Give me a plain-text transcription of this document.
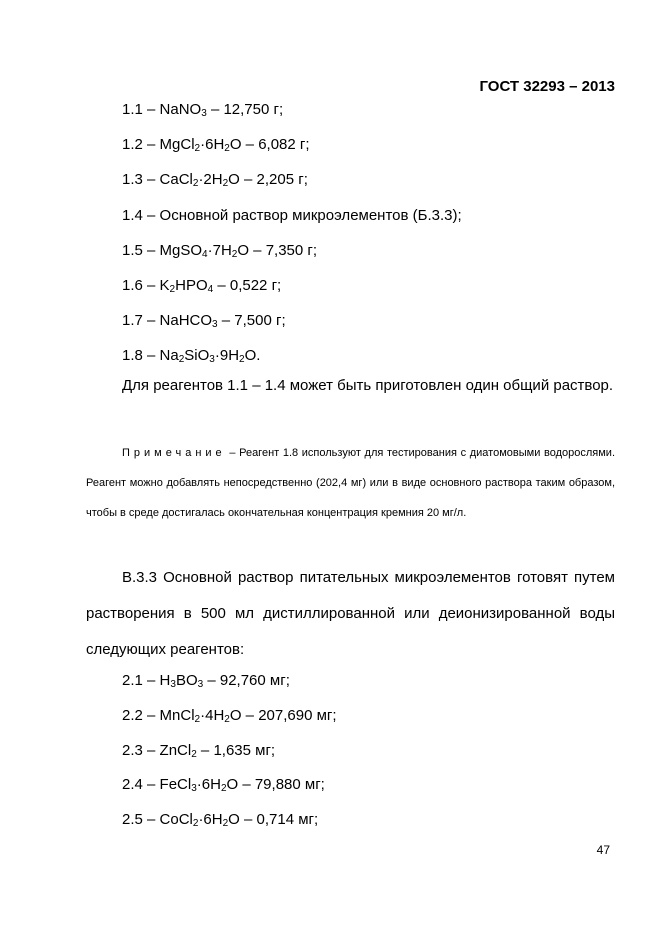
ГОСТ 32293 – 2013
1.1 – NaNO$_3$ – 12,750 г;
$1.2 - MgCl_2\cdot 6H_2O - 6,082$ г;
$1.3 - CaCl_2\cdot 2H_2O - 2,205$ г;
1.4 – Основной раствор микроэлементов (Б.3.3);
$1.5 - MgSO_4\cdot 7H_2O - 7,350$ г;
$1.6 - K_2HPO_4 - 0,522$ г;
1.7 – NaHCO$_3$ – 7,500 г;
$1.8 - Na_2SiO_3\cdot 9H_2O$.
Для реагентов 1.1 – 1.4 может быть приготовлен один общий раствор.
Примечание – Реагент 1.8 используют для тестирования с диатомовыми водорослями. Реагент можно добавлять непосредственно (202,4 мг) или в виде основного раствора таким образом, чтобы в среде достигалась окончательная концентрация кремния 20 мг/л.
В.3.3 Основной раствор питательных микроэлементов готовят путем растворения в 500 мл дистиллированной или деионизированной воды следующих реагентов:
$2.1 - H_3BO_3 - 92,760$ мг;
$2.2 - MnCl_2\cdot 4H_2O - 207,690$ мг;
2.3 – ZnCl$_2$ – 1,635 мг;
$2.4 - FeCl_3\cdot 6H_2O - 79,880$ мг;
$2.5 - CoCl_2\cdot 6H_2O - 0,714$ мг;
47
